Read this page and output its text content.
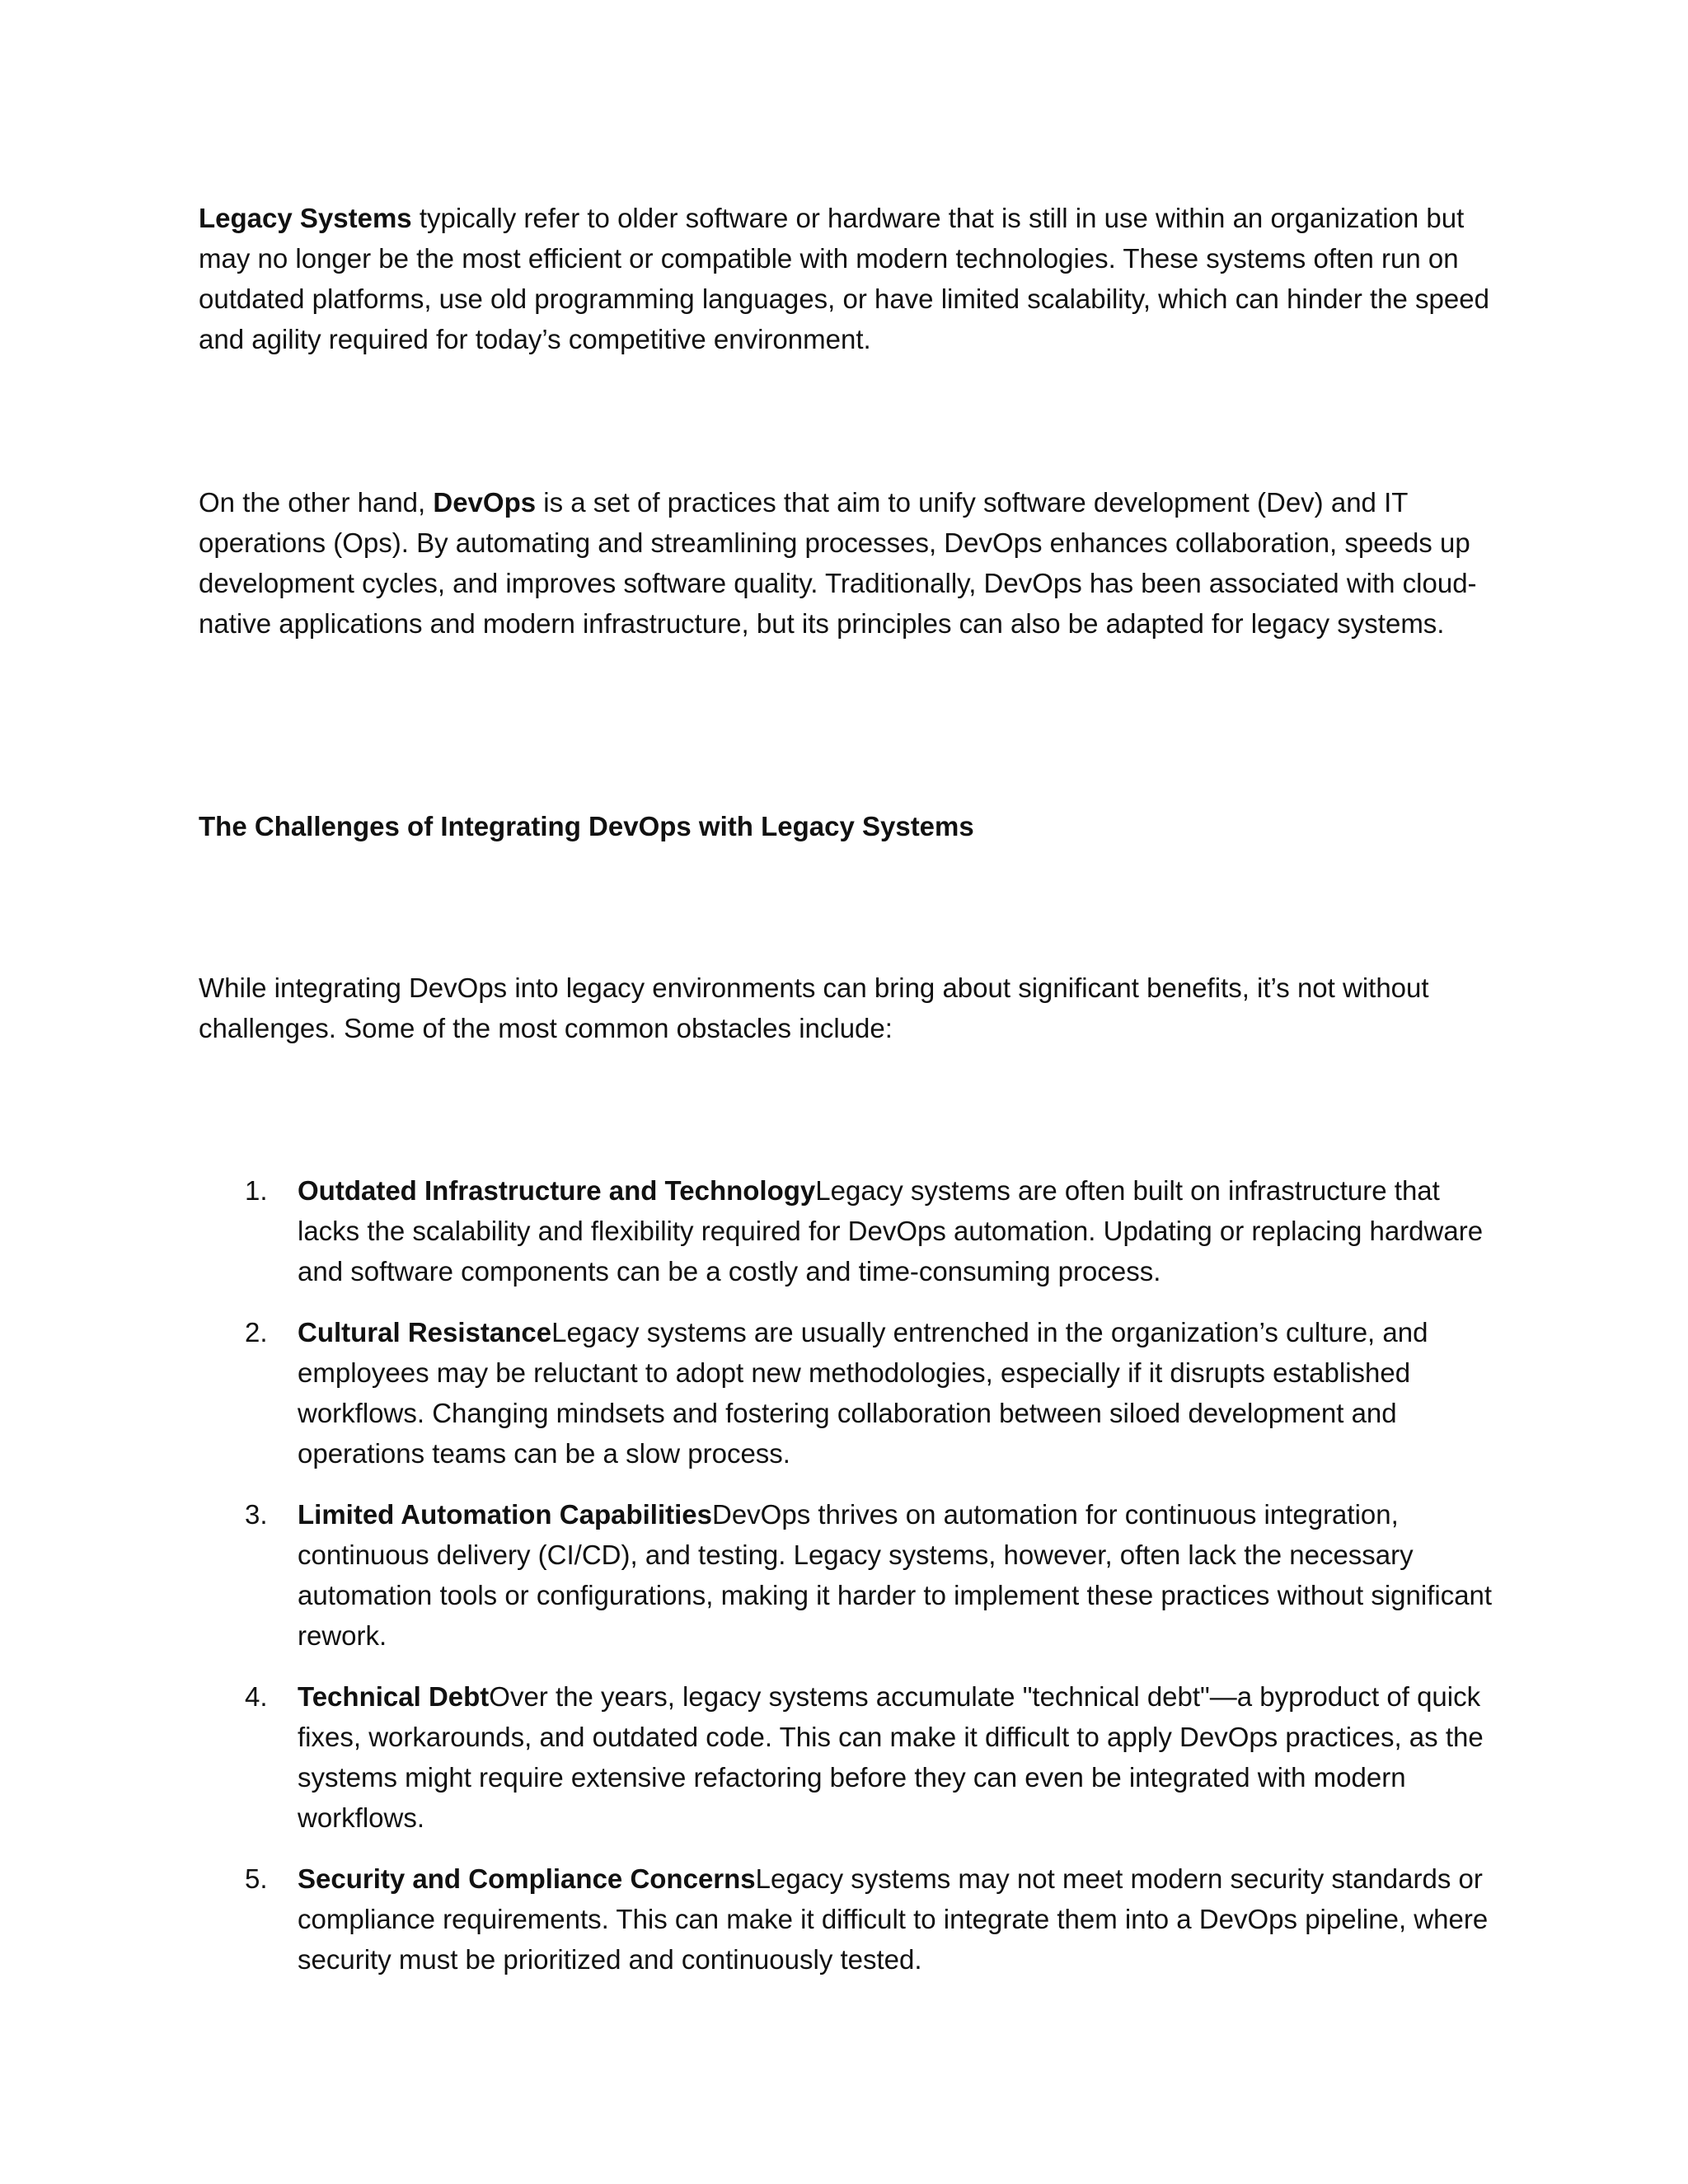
Legacy Systems typically refer to older software or hardware that is still in use within an organization but may no longer be the most efficient or compatible with modern technologies. These systems often run on outdated platforms, use old programming languages, or have limited scalability, which can hinder the speed and agility required for today’s competitive environment.

On the other hand, DevOps is a set of practices that aim to unify software development (Dev) and IT operations (Ops). By automating and streamlining processes, DevOps enhances collaboration, speeds up development cycles, and improves software quality. Traditionally, DevOps has been associated with cloud-native applications and modern infrastructure, but its principles can also be adapted for legacy systems.

The Challenges of Integrating DevOps with Legacy Systems

While integrating DevOps into legacy environments can bring about significant benefits, it’s not without challenges. Some of the most common obstacles include:

1. Outdated Infrastructure and TechnologyLegacy systems are often built on infrastructure that lacks the scalability and flexibility required for DevOps automation. Updating or replacing hardware and software components can be a costly and time-consuming process.
2. Cultural ResistanceLegacy systems are usually entrenched in the organization’s culture, and employees may be reluctant to adopt new methodologies, especially if it disrupts established workflows. Changing mindsets and fostering collaboration between siloed development and operations teams can be a slow process.
3. Limited Automation CapabilitiesDevOps thrives on automation for continuous integration, continuous delivery (CI/CD), and testing. Legacy systems, however, often lack the necessary automation tools or configurations, making it harder to implement these practices without significant rework.
4. Technical DebtOver the years, legacy systems accumulate "technical debt"—a byproduct of quick fixes, workarounds, and outdated code. This can make it difficult to apply DevOps practices, as the systems might require extensive refactoring before they can even be integrated with modern workflows.
5. Security and Compliance ConcernsLegacy systems may not meet modern security standards or compliance requirements. This can make it difficult to integrate them into a DevOps pipeline, where security must be prioritized and continuously tested.
